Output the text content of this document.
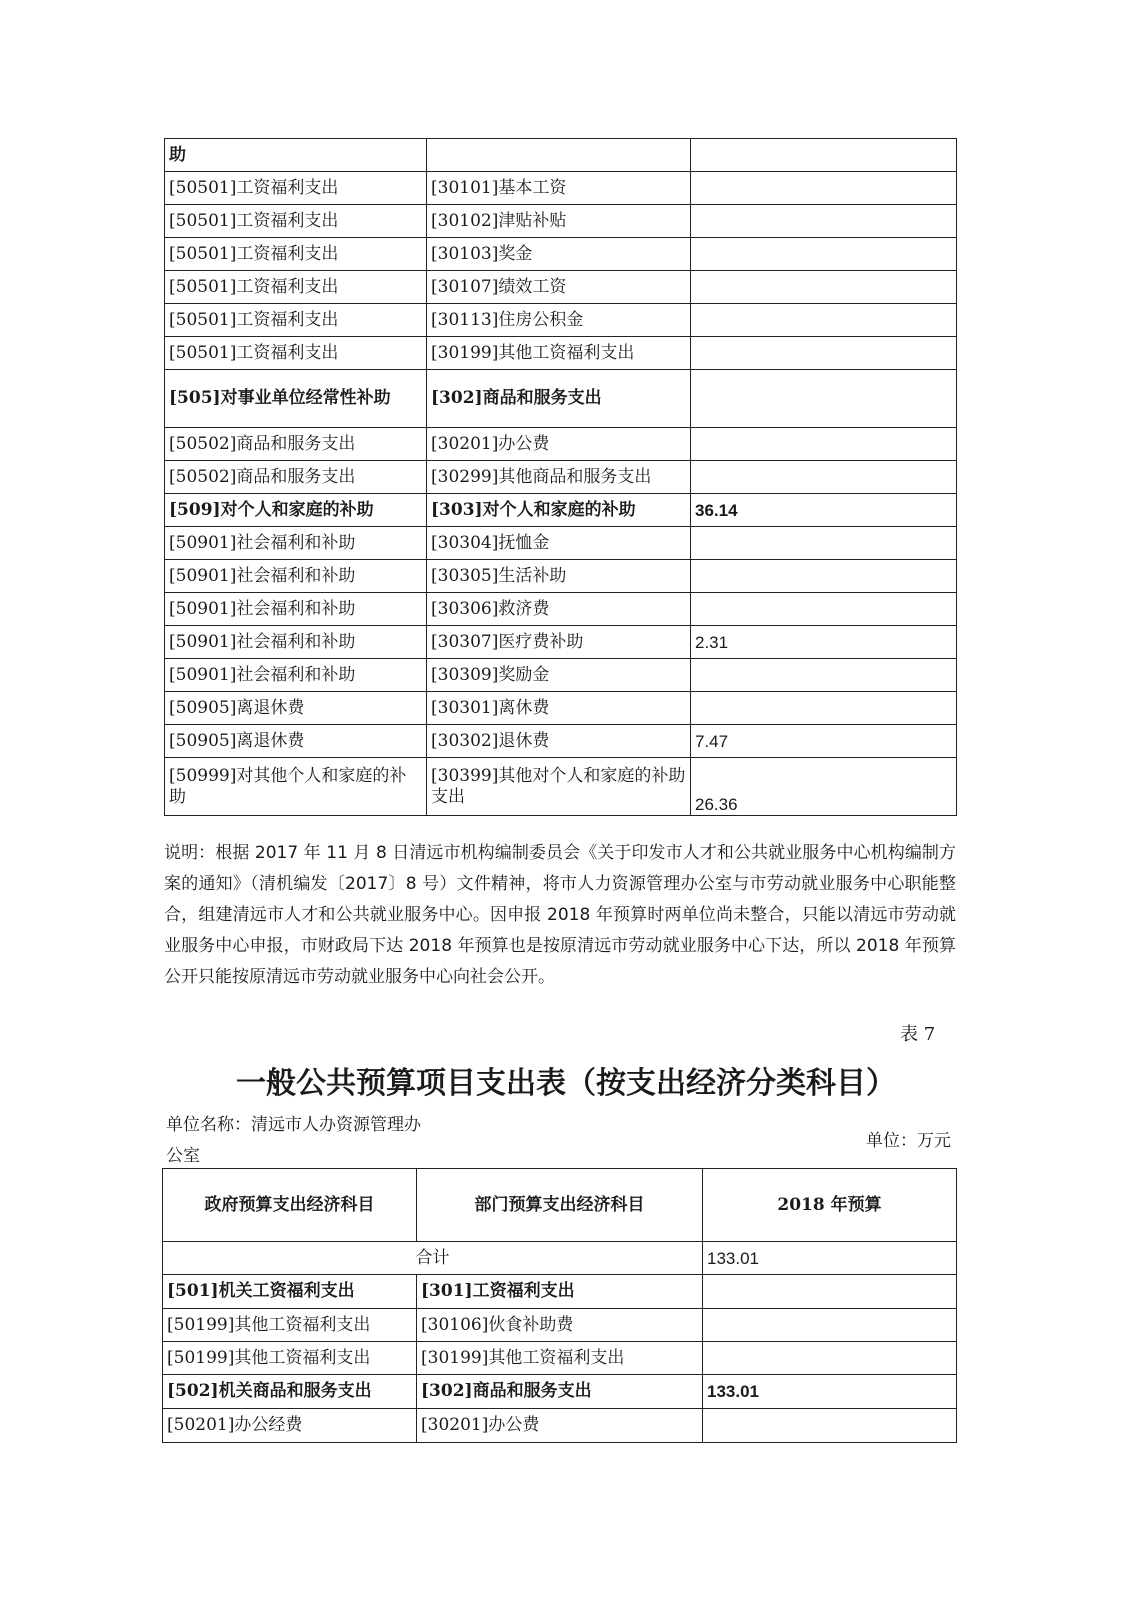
助		
[50501]工资福利支出	[30101]基本工资	
[50501]工资福利支出	[30102]津贴补贴	
[50501]工资福利支出	[30103]奖金	
[50501]工资福利支出	[30107]绩效工资	
[50501]工资福利支出	[30113]住房公积金	
[50501]工资福利支出	[30199]其他工资福利支出	
[505]对事业单位经常性补助	[302]商品和服务支出	
[50502]商品和服务支出	[30201]办公费	
[50502]商品和服务支出	[30299]其他商品和服务支出	
[509]对个人和家庭的补助	[303]对个人和家庭的补助	36.14
[50901]社会福利和补助	[30304]抚恤金	
[50901]社会福利和补助	[30305]生活补助	
[50901]社会福利和补助	[30306]救济费	
[50901]社会福利和补助	[30307]医疗费补助	2.31
[50901]社会福利和补助	[30309]奖励金	
[50905]离退休费	[30301]离休费	
[50905]离退休费	[30302]退休费	7.47
[50999]对其他个人和家庭的补助	[30399]其他对个人和家庭的补助支出	26.36

说明：根据 2017 年 11 月 8 日清远市机构编制委员会《关于印发市人才和公共就业服务中心机构编制方案的通知》（清机编发〔2017〕8 号）文件精神，将市人力资源管理办公室与市劳动就业服务中心职能整合，组建清远市人才和公共就业服务中心。因申报 2018 年预算时两单位尚未整合，只能以清远市劳动就业服务中心申报，市财政局下达 2018 年预算也是按原清远市劳动就业服务中心下达，所以 2018 年预算公开只能按原清远市劳动就业服务中心向社会公开。

表 7
一般公共预算项目支出表（按支出经济分类科目）
单位名称：清远市人办资源管理办公室
单位：万元
政府预算支出经济科目	部门预算支出经济科目	2018 年预算
合计		133.01
[501]机关工资福利支出	[301]工资福利支出	
[50199]其他工资福利支出	[30106]伙食补助费	
[50199]其他工资福利支出	[30199]其他工资福利支出	
[502]机关商品和服务支出	[302]商品和服务支出	133.01
[50201]办公经费	[30201]办公费	
